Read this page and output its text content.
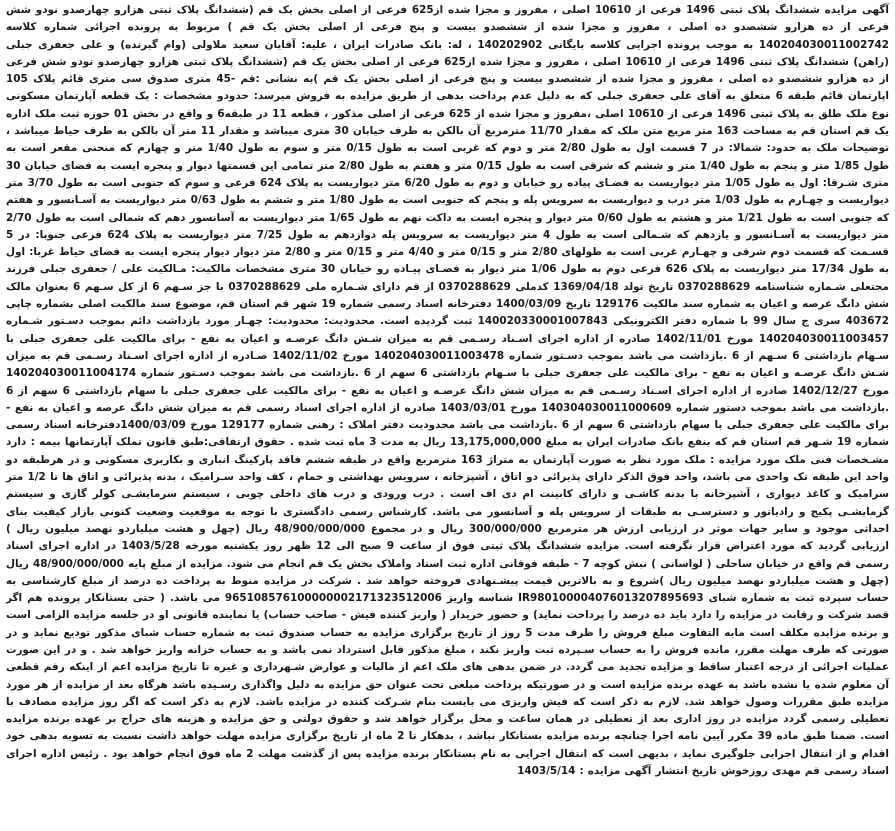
آگهی مزایده ششدانگ پلاک ثبتی 1496 فرعی از 10610 اصلی ، مفروز و مجزا شده از625 فرعی از اصلی بخش یک قم (ششدانگ پلاک ثبتی هزارو چهارصدو نودو شش فرعی از ده هزارو ششصدو ده اصلی ، مفروز و مجزا شده از ششصدو بیست و پنج فرعی از اصلی بخش یک قم ) مربوط به پرونده اجرائی شماره کلاسه 140204030011002742 به موجب پرونده اجرایی کلاسه بایگانی 140202902 ، له: بانک صادرات ایران ، علیه: آقایان سعید ملاولی (وام گیرنده) و علی جعفری جبلی (راهن) ششدانگ پلاک ثبتی 1496 فرعی از 10610 اصلی ، مفروز و مجزا شده از625 فرعی از اصلی بخش یک قم (ششدانگ پلاک ثبتی هزارو چهارصدو نودو شش فرعی از ده هزارو ششصدو ده اصلی ، مفروز و مجزا شده از ششصدو بیست و پنج فرعی از اصلی بخش یک قم )به نشانی :قم -45 متری صدوق سی متری قائم پلاک 105 اپارتمان قائم طبقه 6 متعلق به آقای علی جعفری جبلی که به دلیل عدم پرداخت بدهی از طریق مزایده به فروش میرسد: حدودو مشخصات : یک قطعه آپارتمان مسکونی نوع ملک طلق به پلاک ثبتی 1496 فرعی از 10610 اصلی ،مفروز و مجزا شده از 625 فرعی از اصلی مذکور ، قطعه 11 در طبقه6 و واقع در بخش 01 حوزه ثبت ملک اداره یک قم استان قم به مساحت 163 متر مربع متن ملک که مقدار 11/70 مترمربع آن بالکن به طرف خیابان 30 متری میباشد و مقدار 11 متر آن بالکن به طرف حیاط میباشد ، توضیحات ملک به حدود: شمالا: در 7 قسمت اول به طول 2/80 متر و دوم که غربی است به طول 0/15 متر و سوم به طول 1/40 متر و چهارم که منحنی مقعر است به طول 1/85 متر و پنجم به طول 1/40 متر و ششم که شرقی است به طول 0/15 متر و هفتم به طول 2/80 متر تمامی این قسمتها دیوار و پنجره ایست به فضای خیابان 30 متری شـرقا: اول به طول 1/05 متر دیواریست به فضـای پیاده رو خیابان و دوم به طول 6/20 متر دیواریست به پلاک 624 فرعی و سوم که جنوبی است به طول 3/70 متر دیواریست و چهـارم به طول 1/03 متر درب و دیواریست به سرویس پله و پنجم که جنوبی است به طول 1/80 متر و ششم به طول 0/63 متر دیواریست به آسـانسور و هفتم که جنوبی است به طول 1/21 متر و هشتم به طول 0/60 متر دیوار و پنجره ایست به داکت نهم به طول 1/65 متر دیواریست به آسانسور دهم که شمالی است به طول 2/70 متر دیواریست به آسـانسور و یازدهم که شـمالی است به طول 4 متر دیواریست به سرویس پله دوازدهم به طول 7/25 متر دیواریست به پلاک 624 فرعی جنوبا: در 5 قسـمت که قسمت دوم شرقی و چهـارم غربی است به طولهای 2/80 متر و 0/15 متر و 4/40 متر و 0/15 متر و 2/80 متر دیوار دیوار پنجره ایست به فضای حیاط غربا: اول به طول 17/34 متر دیواریست به پلاک 626 فرعی دوم به طول 1/06 متر دیوار به فضـای پیـاده رو خیابان 30 متری مشخصات مالکیت: مـالکیت علی / جعفری جبلی فرزند مجتعلی شـماره شناسنامه 0370288629 تاریخ تولد 1369/04/18 کدملی 0370288629 از قم دارای شـماره ملی 0370288629 با جز سـهم 6 از کل سـهم 6 بعنوان مالک شش دانگ عرصه و اعیان به شماره سند مالکیت 129176 تاریخ 1400/03/09 دفترخانه اسناد رسمی شماره 19 شهر قم استان قم، موضوع سند مالکیت اصلی بشماره چاپی 403672 سری ج سال 99 با شماره دفتر الکترونیکی 140020330001007843 ثبت گردیده است. محدودیت: محدودیت: چهـار مورد بازداشت دائم بموجب دسـتور شـماره 140204030011003457 مورخ 1402/11/01 صادره از اداره اجرای اسـناد رسـمی قم به میزان شـش دانگ عرصـه و اعیان به نفع - برای مالکیت علی جعفری جبلی با سـهام بازداشتی 6 سـهم از 6 .بازداشت می باشد بموجب دسـتور شماره 140204030011003478 مورخ 1402/11/02 صـادره از اداره اجرای اسـناد رسـمی قم به میزان شـش دانگ عرصـه و اعیان به نفع - برای مالکیت علی جعفری جبلی با سـهام بازداشتی 6 سهم از 6 .بازداشت می باشد بموجب دسـتور شماره 140204030011004174 مورخ 1402/12/27 صادره از اداره اجرای اسـناد رسـمی قم به میزان شش دانگ عرصـه و اعیان به نفع - برای مالکیت علی جعفری جبلی با سهام بازداشتی 6 سهم از 6 .بازداشت می باشد بموجب دستور شماره 140304030011000609 مورخ 1403/03/01 صادره از اداره اجرای اسناد رسمی قم به میزان شش دانگ عرصه و اعیان به نفع - برای مالکیت علی جعفری جبلی با سهام بازداشتی 6 سهم از 6 .بازداشت می باشد محدودیت دفتر املاک : رهنی شماره 129177 مورخ 1400/03/09دفترخانه اسناد رسمی شماره 19 شـهر قم استان قم که بنفع بانک صادرات ایران به مبلغ 13,175,000,000 ریال به مدت 3 ماه ثبت شده . حقوق ارتفاقی:طبق قانون تملک آپارتمانها بیمه : دارد مشـخصات فنی ملک مورد مزایده : ملک مورد نظر به صورت آپارتمان به متراژ 163 مترمربع واقع در طبقه ششم فاقد پارکینگ انباری و بکاربری مسکونی و در هرطبقه دو واحد این طبقه تک واحدی می باشد، واحد فوق الذکر دارای پذیرائی دو اتاق ، آشپزخانه ، سرویس بهداشتی و حمام ، کف واحد سـرامیک ، بدنه پذیرائی و اتاق ها تا 1/2 متر سرامیک و کاغذ دیواری ، آشپزخانه با بدنه کاشـی و دارای کابینت ام دی اف است . درب ورودی و درب های داخلی چوبی ، سیستم سرمایشـی کولر گازی و سیستم گرمایشـی پکیج و رادیاتور و دسترسـی به طبقات از سرویس پله و آسانسور می باشد. کارشناس رسمی دادگستری با توجه به موقعیت وضعیت کنونی بازار کیفیت بنای احداثی موجود و سایر جهات موثر در ارزیابی ارزش هر مترمربع 300/000/000 ریال و در مجموع 48/900/000/000 ریال (چهل و هشت میلیاردو نهصد میلیون ریال ) ارزیابی گردید که مورد اعتراض قرار نگرفته است. مزایده ششدانگ پلاک ثبتی فوق از ساعت 9 صبح الی 12 ظهر روز یکشنبه مورخه 1403/5/28 در اداره اجرای اسناد رسمی قم واقع در خیابان ساحلی ( لواسانی ) نبش کوچه 7 - طبقه فوقانی اداره ثبت اسناد واملاک بخش یک قم انجام می شود. مزایده از مبلغ پایه 48/900/000/000 ریال (چهل و هشت میلیاردو نهصد میلیون ریال )شروع و به بالاترین قیمت پیشـنهادی فروخته خواهد شد . شرکت در مزایده منوط به پرداخت ده درصد از مبلغ کارشناسی به حساب سپرده ثبت به شماره شبای IR980100004076013207895693 شناسه واریز 965108576100000002171323512006 می باشد. ( حتی بستانکار پرونده هم اگر قصد شرکت و رقابت در مزایده را دارد باید ده درصد را پرداخت نماید) و حضور خریدار ( واریز کننده فیش - صاحب حساب) یا نماینده قانونی او در جلسه مزایده الزامی است و برنده مزایده مکلف است مابه التفاوت مبلغ فروش را ظرف مدت 5 روز از تاریخ برگزاری مزایده به حساب صندوق ثبت به شماره حساب شبای مذکور تودیع نماید و در صورتی که ظرف مهلت مقرر، مانده فروش را به حساب سـپرده ثبت واریز نکند ، مبلغ مذکور قابل استرداد نمی باشد و به حساب خزانه واریز خواهد شد . و در این صورت عملیات اجرائی از درجه اعتبار ساقط و مزایده تجدید می گردد. در ضمن بدهی های ملک اعم از مالیات و عوارض شـهرداری و غیره تا تاریخ مزایده اعم از اینکه رقم قطعی آن معلوم شده یا نشده باشد به عهده برنده مزایده است و در صورتیکه پرداخت مبلغی تحت عنوان حق مزایده به دلیل واگذاری رسـیده باشد هرگاه بعد از مزایده از هر مورد مزایده طبق مقررات وصول خواهد شد. لازم به ذکر است که فیش واریزی می بایست بنام شـرکت کننده در مزایده باشد. لازم به ذکر است که اگر روز مزایده مصادف با تعطیلی رسمی گردد مزایده در روز اداری بعد از تعطیلی در همان ساعت و محل برگزار خواهد شد و حقوق دولتی و حق مزایده و هزینه های حراج بر عهده برنده مزایده است. ضمنا طبق ماده 39 مکرر آیین نامه اجرا چنانچه برنده مزایده بستانکار نباشد ، بدهکار تا 2 ماه از تاریخ برگزاری مزایده مهلت خواهد داشت نسبت به تسویه بدهی خود اقدام و از انتقال اجرایی جلوگیری نماید ، بدیهی است که انتقال اجرایی به نام بستانکار برنده مزایده پس از گذشت مهلت 2 ماه فوق انجام خواهد بود . رئیس اداره اجرای اسناد رسمی قم مهدی روزخوش تاریخ انتشار آگهی مزایده : 1403/5/14
